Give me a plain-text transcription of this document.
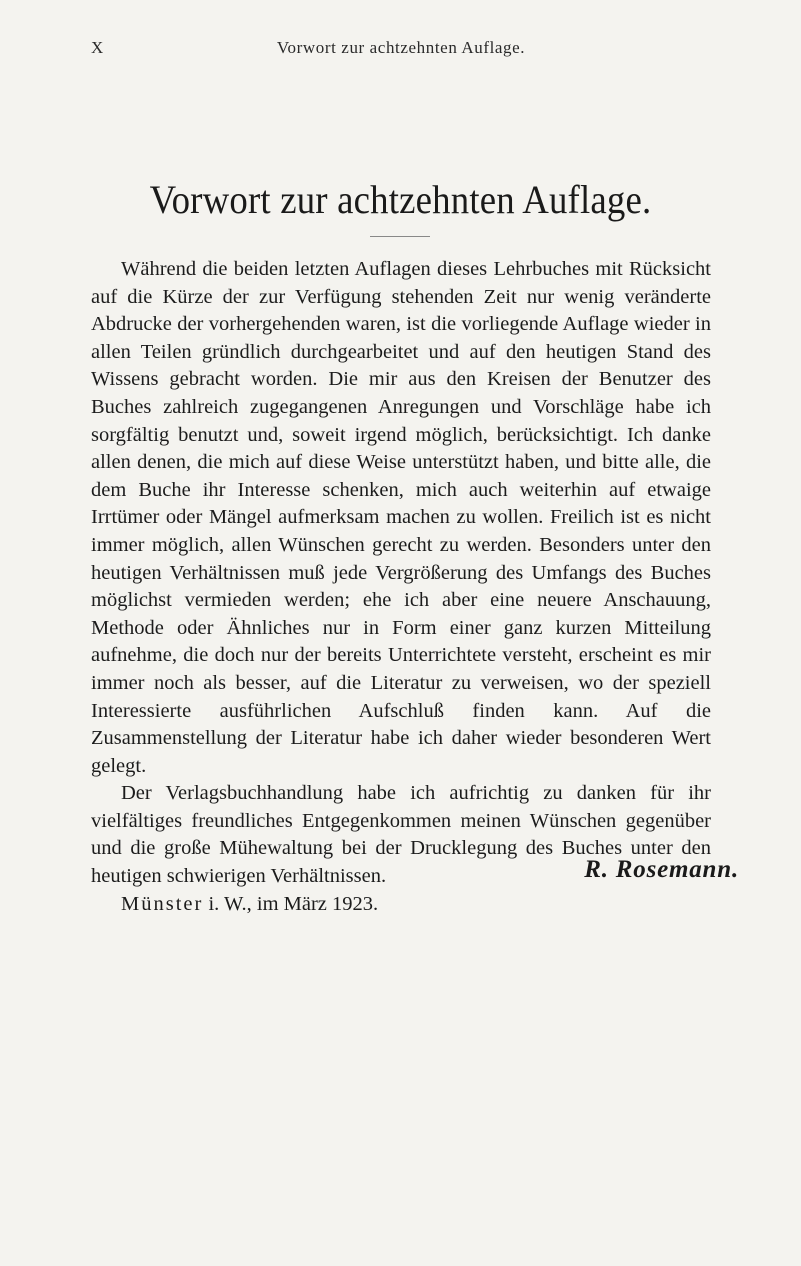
X	Vorwort zur achtzehnten Auflage.
Vorwort zur achtzehnten Auflage.

Während die beiden letzten Auflagen dieses Lehrbuches mit Rücksicht auf die Kürze der zur Verfügung stehenden Zeit nur wenig veränderte Abdrucke der vorhergehenden waren, ist die vorliegende Auflage wieder in allen Teilen gründlich durchgearbeitet und auf den heutigen Stand des Wissens gebracht worden. Die mir aus den Kreisen der Benutzer des Buches zahlreich zugegangenen Anregungen und Vorschläge habe ich sorgfältig benutzt und, soweit irgend möglich, berücksichtigt. Ich danke allen denen, die mich auf diese Weise unterstützt haben, und bitte alle, die dem Buche ihr Interesse schenken, mich auch weiterhin auf etwaige Irrtümer oder Mängel aufmerksam machen zu wollen. Freilich ist es nicht immer möglich, allen Wünschen gerecht zu werden. Besonders unter den heutigen Verhältnissen muß jede Vergrößerung des Umfangs des Buches möglichst vermieden werden; ehe ich aber eine neuere Anschauung, Methode oder Ähnliches nur in Form einer ganz kurzen Mitteilung aufnehme, die doch nur der bereits Unterrichtete versteht, erscheint es mir immer noch als besser, auf die Literatur zu verweisen, wo der speziell Interessierte ausführlichen Aufschluß finden kann. Auf die Zusammenstellung der Literatur habe ich daher wieder besonderen Wert gelegt.

Der Verlagsbuchhandlung habe ich aufrichtig zu danken für ihr vielfältiges freundliches Entgegenkommen meinen Wünschen gegenüber und die große Mühewaltung bei der Drucklegung des Buches unter den heutigen schwierigen Verhältnissen.

Münster i. W., im März 1923.

R. Rosemann.
